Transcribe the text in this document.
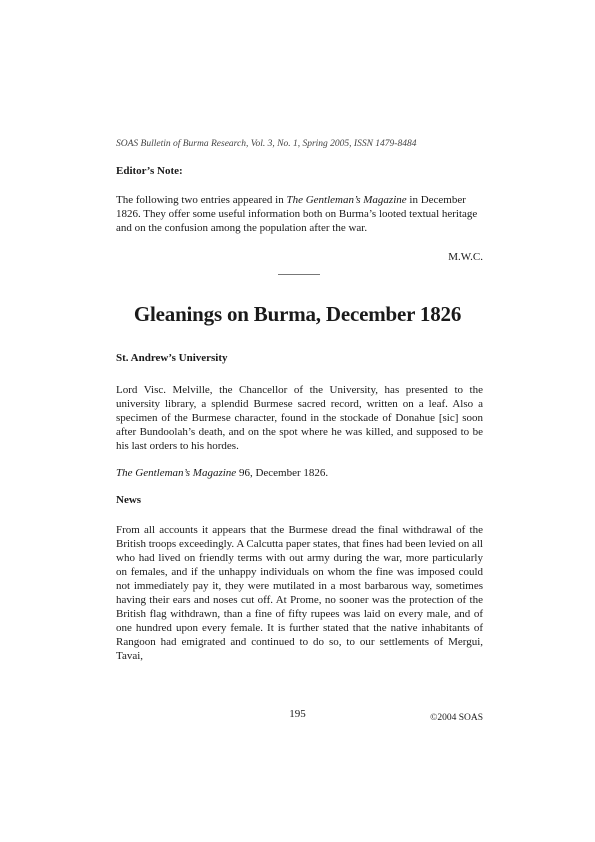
SOAS Bulletin of Burma Research, Vol. 3, No. 1, Spring 2005, ISSN 1479-8484
Editor’s Note:

The following two entries appeared in The Gentleman’s Magazine in December 1826. They offer some useful information both on Burma’s looted textual heritage and on the confusion among the population after the war.

M.W.C.
Gleanings on Burma, December 1826
St. Andrew’s University

Lord Visc. Melville, the Chancellor of the University, has presented to the university library, a splendid Burmese sacred record, written on a leaf. Also a specimen of the Burmese character, found in the stockade of Donahue [sic] soon after Bundoolah’s death, and on the spot where he was killed, and supposed to be his last orders to his hordes.

The Gentleman’s Magazine 96, December 1826.
News

From all accounts it appears that the Burmese dread the final withdrawal of the British troops exceedingly. A Calcutta paper states, that fines had been levied on all who had lived on friendly terms with out army during the war, more particularly on females, and if the unhappy individuals on whom the fine was imposed could not immediately pay it, they were mutilated in a most barbarous way, sometimes having their ears and noses cut off. At Prome, no sooner was the protection of the British flag withdrawn, than a fine of fifty rupees was laid on every male, and of one hundred upon every female. It is further stated that the native inhabitants of Rangoon had emigrated and continued to do so, to our settlements of Mergui, Tavai,

195	©2004 SOAS
